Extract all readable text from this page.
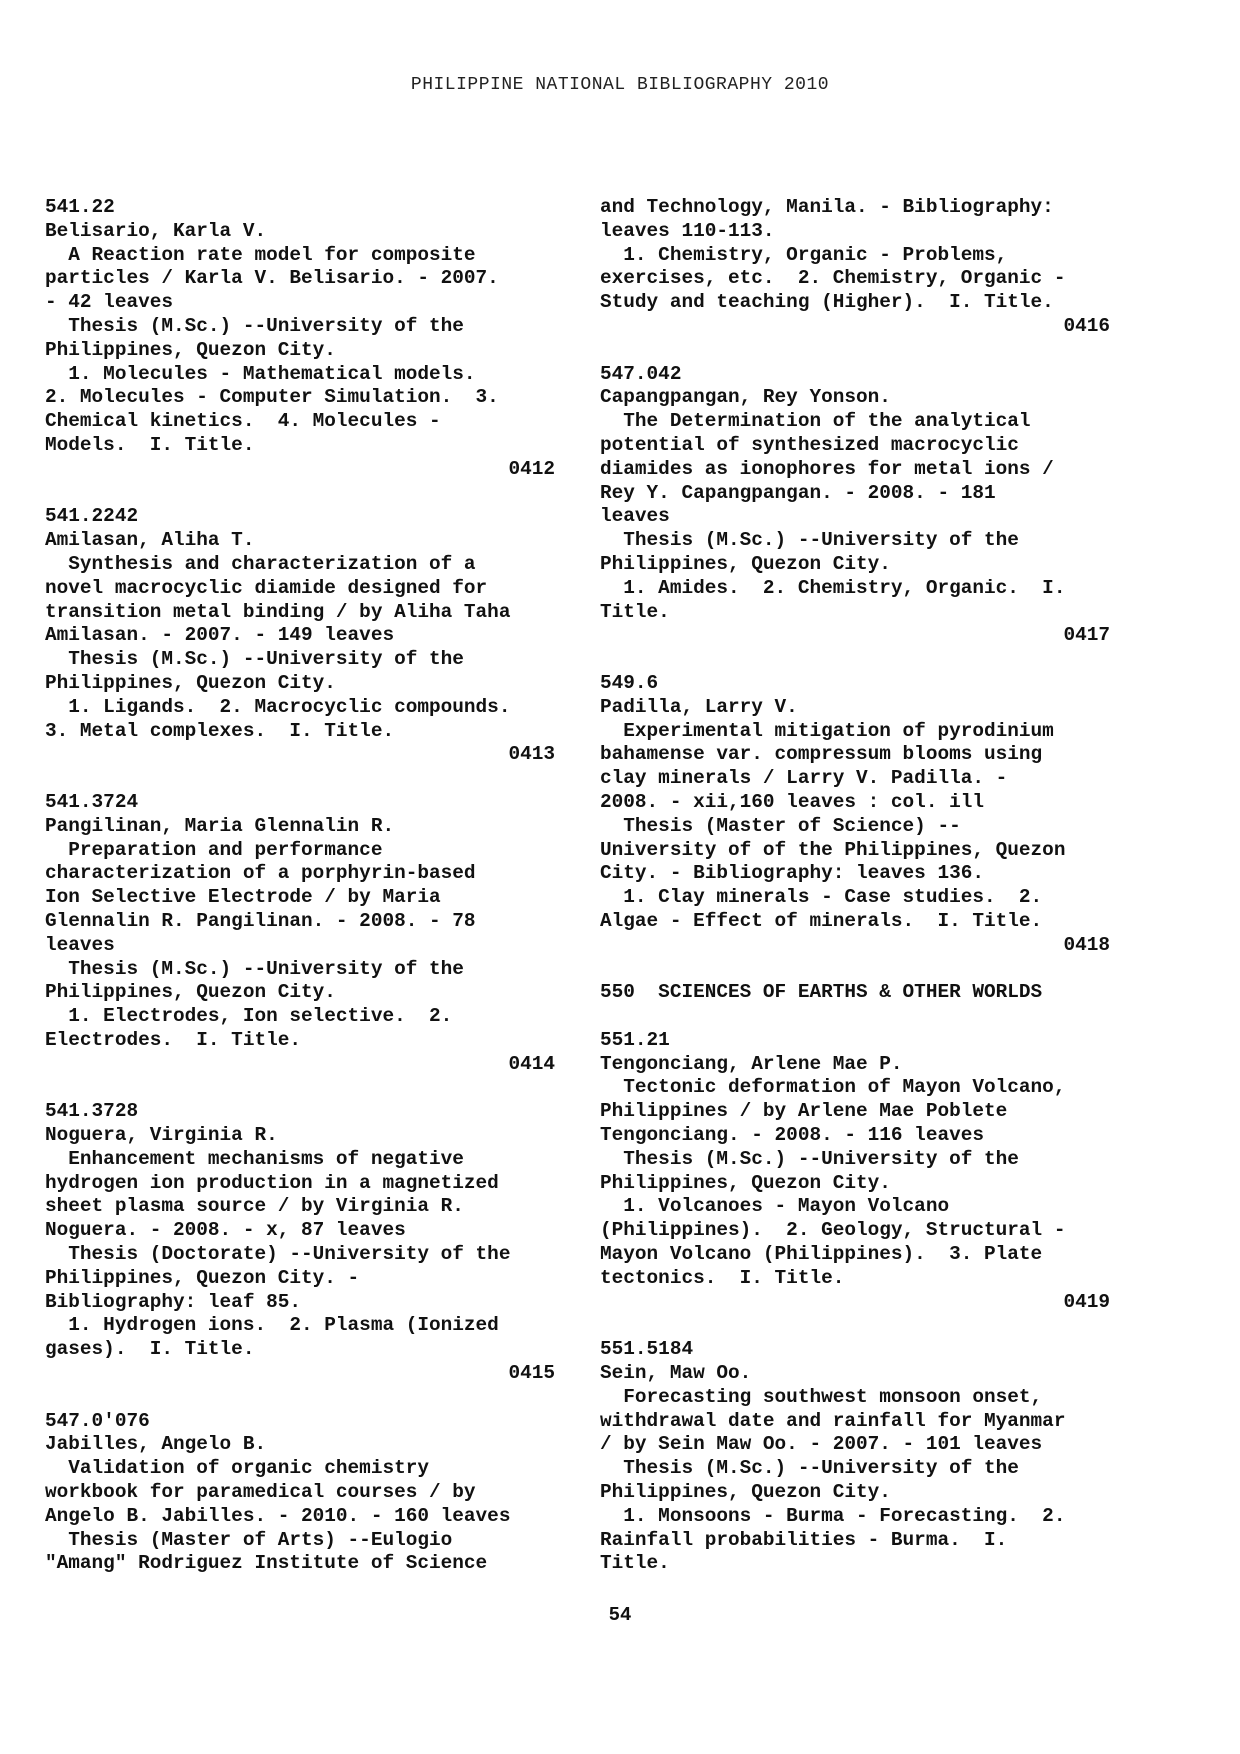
PHILIPPINE NATIONAL BIBLIOGRAPHY 2010
541.22
Belisario, Karla V.
A Reaction rate model for composite
particles / Karla V. Belisario. - 2007.
- 42 leaves
Thesis (M.Sc.) --University of the
Philippines, Quezon City.
1. Molecules - Mathematical models.
2. Molecules - Computer Simulation.  3.
Chemical kinetics.  4. Molecules -
Models.  I. Title.
0412
541.2242
Amilasan, Aliha T.
Synthesis and characterization of a
novel macrocyclic diamide designed for
transition metal binding / by Aliha Taha
Amilasan. - 2007. - 149 leaves
Thesis (M.Sc.) --University of the
Philippines, Quezon City.
1. Ligands.  2. Macrocyclic compounds.
3. Metal complexes.  I. Title.
0413
541.3724
Pangilinan, Maria Glennalin R.
Preparation and performance
characterization of a porphyrin-based
Ion Selective Electrode / by Maria
Glennalin R. Pangilinan. - 2008. - 78
leaves
Thesis (M.Sc.) --University of the
Philippines, Quezon City.
1. Electrodes, Ion selective.  2.
Electrodes.  I. Title.
0414
541.3728
Noguera, Virginia R.
Enhancement mechanisms of negative
hydrogen ion production in a magnetized
sheet plasma source / by Virginia R.
Noguera. - 2008. - x, 87 leaves
Thesis (Doctorate) --University of the
Philippines, Quezon City. -
Bibliography: leaf 85.
1. Hydrogen ions.  2. Plasma (Ionized
gases).  I. Title.
0415
547.0'076
Jabilles, Angelo B.
Validation of organic chemistry
workbook for paramedical courses / by
Angelo B. Jabilles. - 2010. - 160 leaves
Thesis (Master of Arts) --Eulogio
"Amang" Rodriguez Institute of Science
and Technology, Manila. - Bibliography:
leaves 110-113.
1. Chemistry, Organic - Problems,
exercises, etc.  2. Chemistry, Organic -
Study and teaching (Higher).  I. Title.
0416
547.042
Capangpangan, Rey Yonson.
The Determination of the analytical
potential of synthesized macrocyclic
diamides as ionophores for metal ions /
Rey Y. Capangpangan. - 2008. - 181
leaves
Thesis (M.Sc.) --University of the
Philippines, Quezon City.
1. Amides.  2. Chemistry, Organic.  I.
Title.
0417
549.6
Padilla, Larry V.
Experimental mitigation of pyrodinium
bahamense var. compressum blooms using
clay minerals / Larry V. Padilla. -
2008. - xii,160 leaves : col. ill
Thesis (Master of Science) --
University of of the Philippines, Quezon
City. - Bibliography: leaves 136.
1. Clay minerals - Case studies.  2.
Algae - Effect of minerals.  I. Title.
0418
550  SCIENCES OF EARTHS & OTHER WORLDS
551.21
Tengonciang, Arlene Mae P.
Tectonic deformation of Mayon Volcano,
Philippines / by Arlene Mae Poblete
Tengonciang. - 2008. - 116 leaves
Thesis (M.Sc.) --University of the
Philippines, Quezon City.
1. Volcanoes - Mayon Volcano
(Philippines).  2. Geology, Structural -
Mayon Volcano (Philippines).  3. Plate
tectonics.  I. Title.
0419
551.5184
Sein, Maw Oo.
Forecasting southwest monsoon onset,
withdrawal date and rainfall for Myanmar
/ by Sein Maw Oo. - 2007. - 101 leaves
Thesis (M.Sc.) --University of the
Philippines, Quezon City.
1. Monsoons - Burma - Forecasting.  2.
Rainfall probabilities - Burma.  I.
Title.
54
